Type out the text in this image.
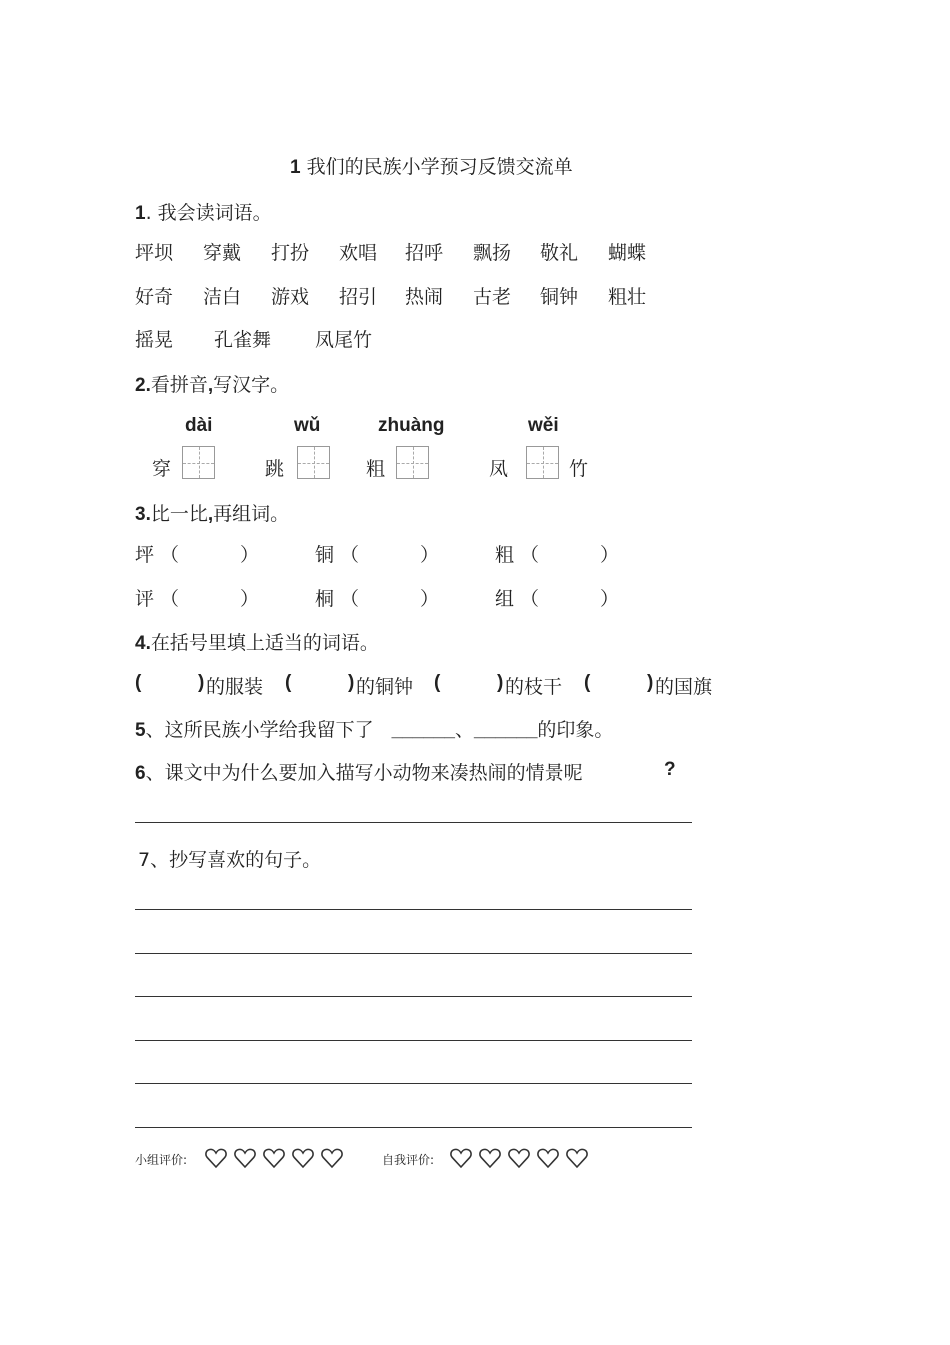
1 我们的民族小学预习反馈交流单
1. 我会读词语。
坪坝 穿戴 打扮 欢唱 招呼 飘扬 敬礼 蝴蝶
好奇 洁白 游戏 招引 热闹 古老 铜钟 粗壮
摇晃 孔雀舞 凤尾竹
2.看拼音,写汉字。
dài	wǔ	zhuàng	wěi
穿	跳	粗	凤	竹
3.比一比,再组词。
坪 （	）	铜 （	）	粗 （	）
评 （	）	桐 （	）	组 （	）
4.在括号里填上适当的词语。
(	) 的服装 (	) 的铜钟 (	) 的枝干 (	) 的国旗
5、这所民族小学给我留下了 ______、______的印象。
6、课文中为什么要加入描写小动物来凑热闹的情景呢	?
7、抄写喜欢的句子。
小组评价:	自我评价:
